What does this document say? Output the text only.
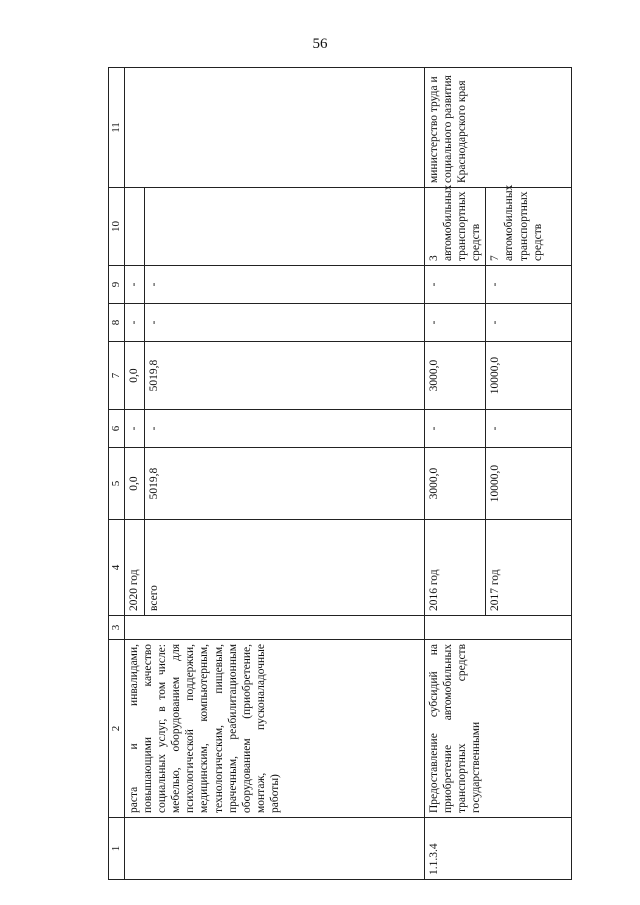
56
1	2	3	4	5	6	7	8	9	10	11
	раста и инвалидами, повышающими качество социальных услуг, в том числе: мебелью, оборудованием для психологической поддержки, медицинским, компьютерным, технологическим, пищевым, прачечным, реабилитационным оборудованием (приобретение, монтаж, пусконаладочные работы)		2020 год	0,0	-	0,0	-	-		
			всего	5019,8	-	5019,8	-	-		
1.1.3.4	Предоставление субсидий на приобретение автомобильных транспортных средств государственными		2016 год	3000,0	-	3000,0	-	-	3 автомобильных транспортных средств	министерство труда и социального развития Краснодарского края
			2017 год	10000,0	-	10000,0	-	-	7 автомобильных транспортных средств	
